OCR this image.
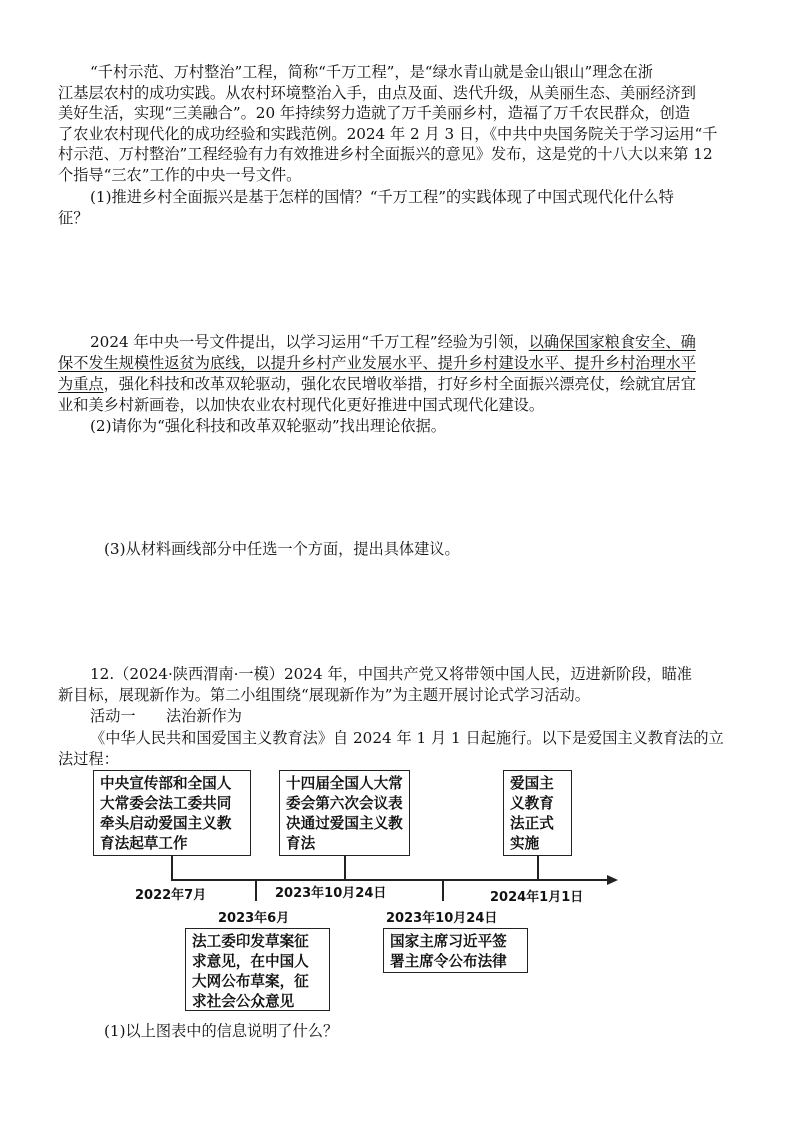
“千村示范、万村整治”工程，简称“千万工程”，是“绿水青山就是金山银山”理念在浙
江基层农村的成功实践。从农村环境整治入手，由点及面、迭代升级，从美丽生态、美丽经济到
美好生活，实现“三美融合”。20 年持续努力造就了万千美丽乡村，造福了万千农民群众，创造
了农业农村现代化的成功经验和实践范例。2024 年 2 月 3 日，《中共中央国务院关于学习运用“千
村示范、万村整治”工程经验有力有效推进乡村全面振兴的意见》发布，这是党的十八大以来第 12
个指导“三农”工作的中央一号文件。
(1)推进乡村全面振兴是基于怎样的国情？“千万工程”的实践体现了中国式现代化什么特
征？
2024 年中央一号文件提出，以学习运用“千万工程”经验为引领，以确保国家粮食安全、确
保不发生规模性返贫为底线，以提升乡村产业发展水平、提升乡村建设水平、提升乡村治理水平
为重点，强化科技和改革双轮驱动，强化农民增收举措，打好乡村全面振兴漂亮仗，绘就宜居宜
业和美乡村新画卷，以加快农业农村现代化更好推进中国式现代化建设。
(2)请你为“强化科技和改革双轮驱动”找出理论依据。
(3)从材料画线部分中任选一个方面，提出具体建议。
12.（2024·陕西渭南·一模）2024 年，中国共产党又将带领中国人民，迈进新阶段，瞄准
新目标，展现新作为。第二小组围绕“展现新作为”为主题开展讨论式学习活动。
活动一　　法治新作为
《中华人民共和国爱国主义教育法》自 2024 年 1 月 1 日起施行。以下是爱国主义教育法的立
法过程：
中央宣传部和全国人大常委会法工委共同牵头启动爱国主义教育法起草工作
十四届全国人大常委会第六次会议表决通过爱国主义教育法
爱国主义教育法正式实施
2022年7月	2023年10月24日	2024年1月1日
2023年6月	2023年10月24日
法工委印发草案征求意见，在中国人大网公布草案，征求社会公众意见
国家主席习近平签署主席令公布法律
(1)以上图表中的信息说明了什么？
